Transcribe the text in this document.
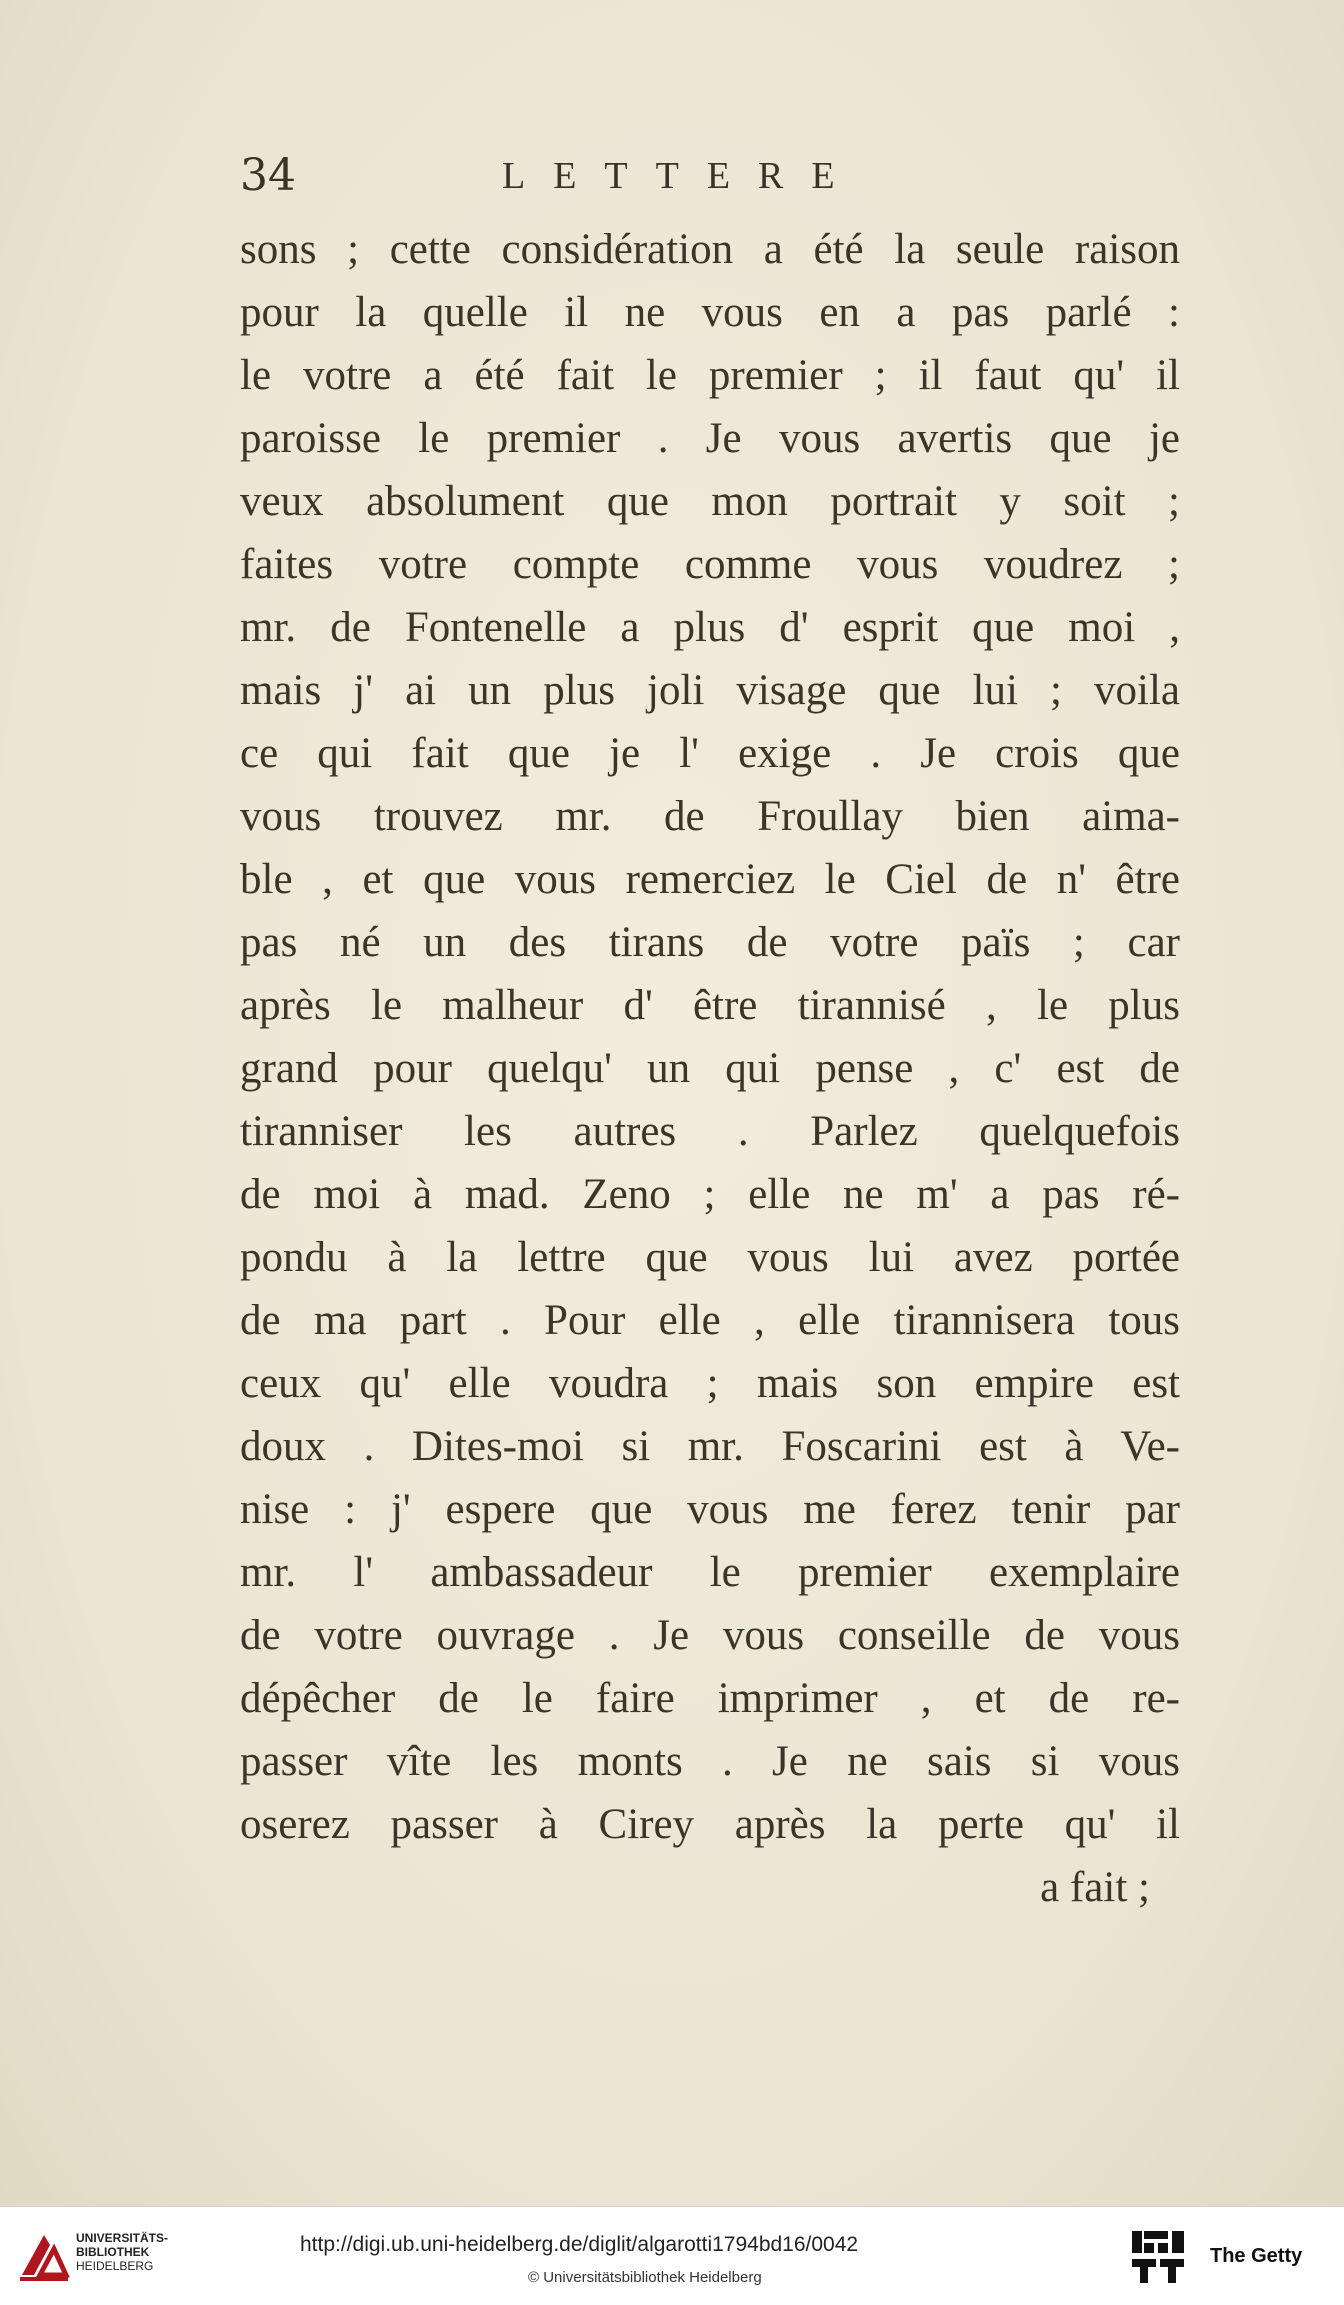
34	LETTERE
sons ; cette considération a été la seule raison
pour la quelle il ne vous en a pas parlé :
le votre a été fait le premier ; il faut qu' il
paroisse le premier . Je vous avertis que je
veux absolument que mon portrait y soit ;
faites votre compte comme vous voudrez ;
mr. de Fontenelle a plus d' esprit que moi ,
mais j' ai un plus joli visage que lui ; voila
ce qui fait que je l' exige . Je crois que
vous trouvez mr. de Froullay bien aima-
ble , et que vous remerciez le Ciel de n' être
pas né un des tirans de votre païs ; car
après le malheur d' être tirannisé , le plus
grand pour quelqu' un qui pense , c' est de
tiranniser les autres . Parlez quelquefois
de moi à mad. Zeno ; elle ne m' a pas ré-
pondu à la lettre que vous lui avez portée
de ma part . Pour elle , elle tirannisera tous
ceux qu' elle voudra ; mais son empire est
doux . Dites-moi si mr. Foscarini est à Ve-
nise : j' espere que vous me ferez tenir par
mr. l' ambassadeur le premier exemplaire
de votre ouvrage . Je vous conseille de vous
dépêcher de le faire imprimer , et de re-
passer vîte les monts . Je ne sais si vous
oserez passer à Cirey après la perte qu' il
a fait ;
UNIVERSITÄTS-
BIBLIOTHEK
HEIDELBERG
http://digi.ub.uni-heidelberg.de/diglit/algarotti1794bd16/0042
© Universitätsbibliothek Heidelberg
The Getty
